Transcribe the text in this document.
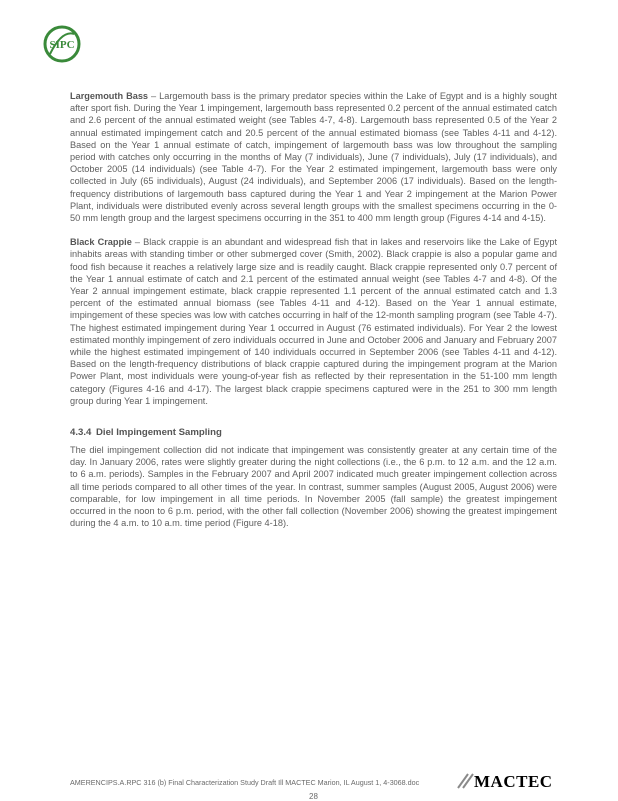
SIPC

Largemouth Bass – Largemouth bass is the primary predator species within the Lake of Egypt and is a highly sought after sport fish. During the Year 1 impingement, largemouth bass represented 0.2 percent of the annual estimated catch and 2.6 percent of the annual estimated weight (see Tables 4-7, 4-8). Largemouth bass represented 0.5 of the Year 2 annual estimated impingement catch and 20.5 percent of the annual estimated biomass (see Tables 4-11 and 4-12). Based on the Year 1 annual estimate of catch, impingement of largemouth bass was low throughout the sampling period with catches only occurring in the months of May (7 individuals), June (7 individuals), July (17 individuals), and October 2005 (14 individuals) (see Table 4-7). For the Year 2 estimated impingement, largemouth bass were only collected in July (65 individuals), August (24 individuals), and September 2006 (17 individuals). Based on the length-frequency distributions of largemouth bass captured during the Year 1 and Year 2 impingement at the Marion Power Plant, individuals were distributed evenly across several length groups with the smallest specimens occurring in the 0-50 mm length group and the largest specimens occurring in the 351 to 400 mm length group (Figures 4-14 and 4-15).

Black Crappie – Black crappie is an abundant and widespread fish that in lakes and reservoirs like the Lake of Egypt inhabits areas with standing timber or other submerged cover (Smith, 2002). Black crappie is also a popular game and food fish because it reaches a relatively large size and is readily caught. Black crappie represented only 0.7 percent of the Year 1 annual estimate of catch and 2.1 percent of the estimated annual weight (see Tables 4-7 and 4-8). Of the Year 2 annual impingement estimate, black crappie represented 1.1 percent of the annual estimated catch and 1.3 percent of the estimated annual biomass (see Tables 4-11 and 4-12). Based on the Year 1 annual estimate, impingement of these species was low with catches occurring in half of the 12-month sampling program (see Table 4-7). The highest estimated impingement during Year 1 occurred in August (76 estimated individuals). For Year 2 the lowest estimated monthly impingement of zero individuals occurred in June and October 2006 and January and February 2007 while the highest estimated impingement of 140 individuals occurred in September 2006 (see Tables 4-11 and 4-12). Based on the length-frequency distributions of black crappie captured during the impingement program at the Marion Power Plant, most individuals were young-of-year fish as reflected by their representation in the 51-100 mm length category (Figures 4-16 and 4-17). The largest black crappie specimens captured were in the 251 to 300 mm length group during Year 1 impingement.

4.3.4 Diel Impingement Sampling

The diel impingement collection did not indicate that impingement was consistently greater at any certain time of the day. In January 2006, rates were slightly greater during the night collections (i.e., the 6 p.m. to 12 a.m. and the 12 a.m. to 6 a.m. periods). Samples in the February 2007 and April 2007 indicated much greater impingement collection across all time periods compared to all other times of the year. In contrast, summer samples (August 2005, August 2006) were comparable, for low impingement in all time periods. In November 2005 (fall sample) the greatest impingement occurred in the noon to 6 p.m. period, with the other fall collection (November 2006) showing the greatest impingement during the 4 a.m. to 10 a.m. time period (Figure 4-18).

AMERENCIPS.A.RPC 316 (b) Final Characterization Study Draft Ill MACTEC Marion, IL August 1, 4-3068.doc	MACTEC
28
